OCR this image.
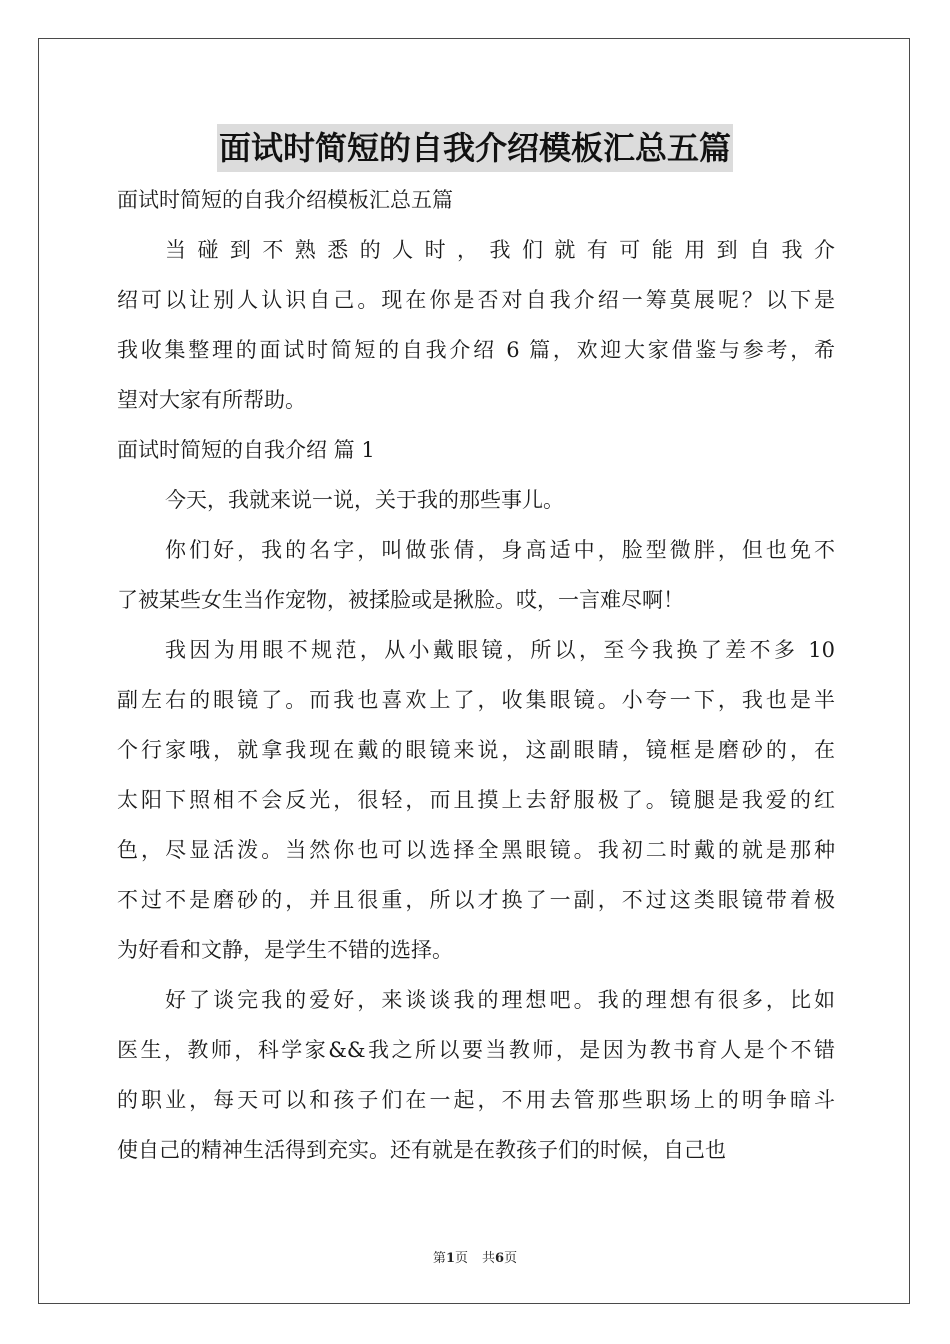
面试时简短的自我介绍模板汇总五篇
面试时简短的自我介绍模板汇总五篇
当碰到不熟悉的人时，我们就有可能用到自我介
绍可以让别人认识自己。现在你是否对自我介绍一筹莫展呢？以下是
我收集整理的面试时简短的自我介绍 6 篇，欢迎大家借鉴与参考，希
望对大家有所帮助。
面试时简短的自我介绍 篇 1
今天，我就来说一说，关于我的那些事儿。
你们好，我的名字，叫做张倩，身高适中，脸型微胖，但也免不
了被某些女生当作宠物，被揉脸或是揪脸。哎，一言难尽啊！
我因为用眼不规范，从小戴眼镜，所以，至今我换了差不多 10
副左右的眼镜了。而我也喜欢上了，收集眼镜。小夸一下，我也是半
个行家哦，就拿我现在戴的眼镜来说，这副眼睛，镜框是磨砂的，在
太阳下照相不会反光，很轻，而且摸上去舒服极了。镜腿是我爱的红
色，尽显活泼。当然你也可以选择全黑眼镜。我初二时戴的就是那种
不过不是磨砂的，并且很重，所以才换了一副，不过这类眼镜带着极
为好看和文静，是学生不错的选择。
好了谈完我的爱好，来谈谈我的理想吧。我的理想有很多，比如
医生，教师，科学家&&我之所以要当教师，是因为教书育人是个不错
的职业，每天可以和孩子们在一起，不用去管那些职场上的明争暗斗
使自己的精神生活得到充实。还有就是在教孩子们的时候，自己也
第1页 共6页
